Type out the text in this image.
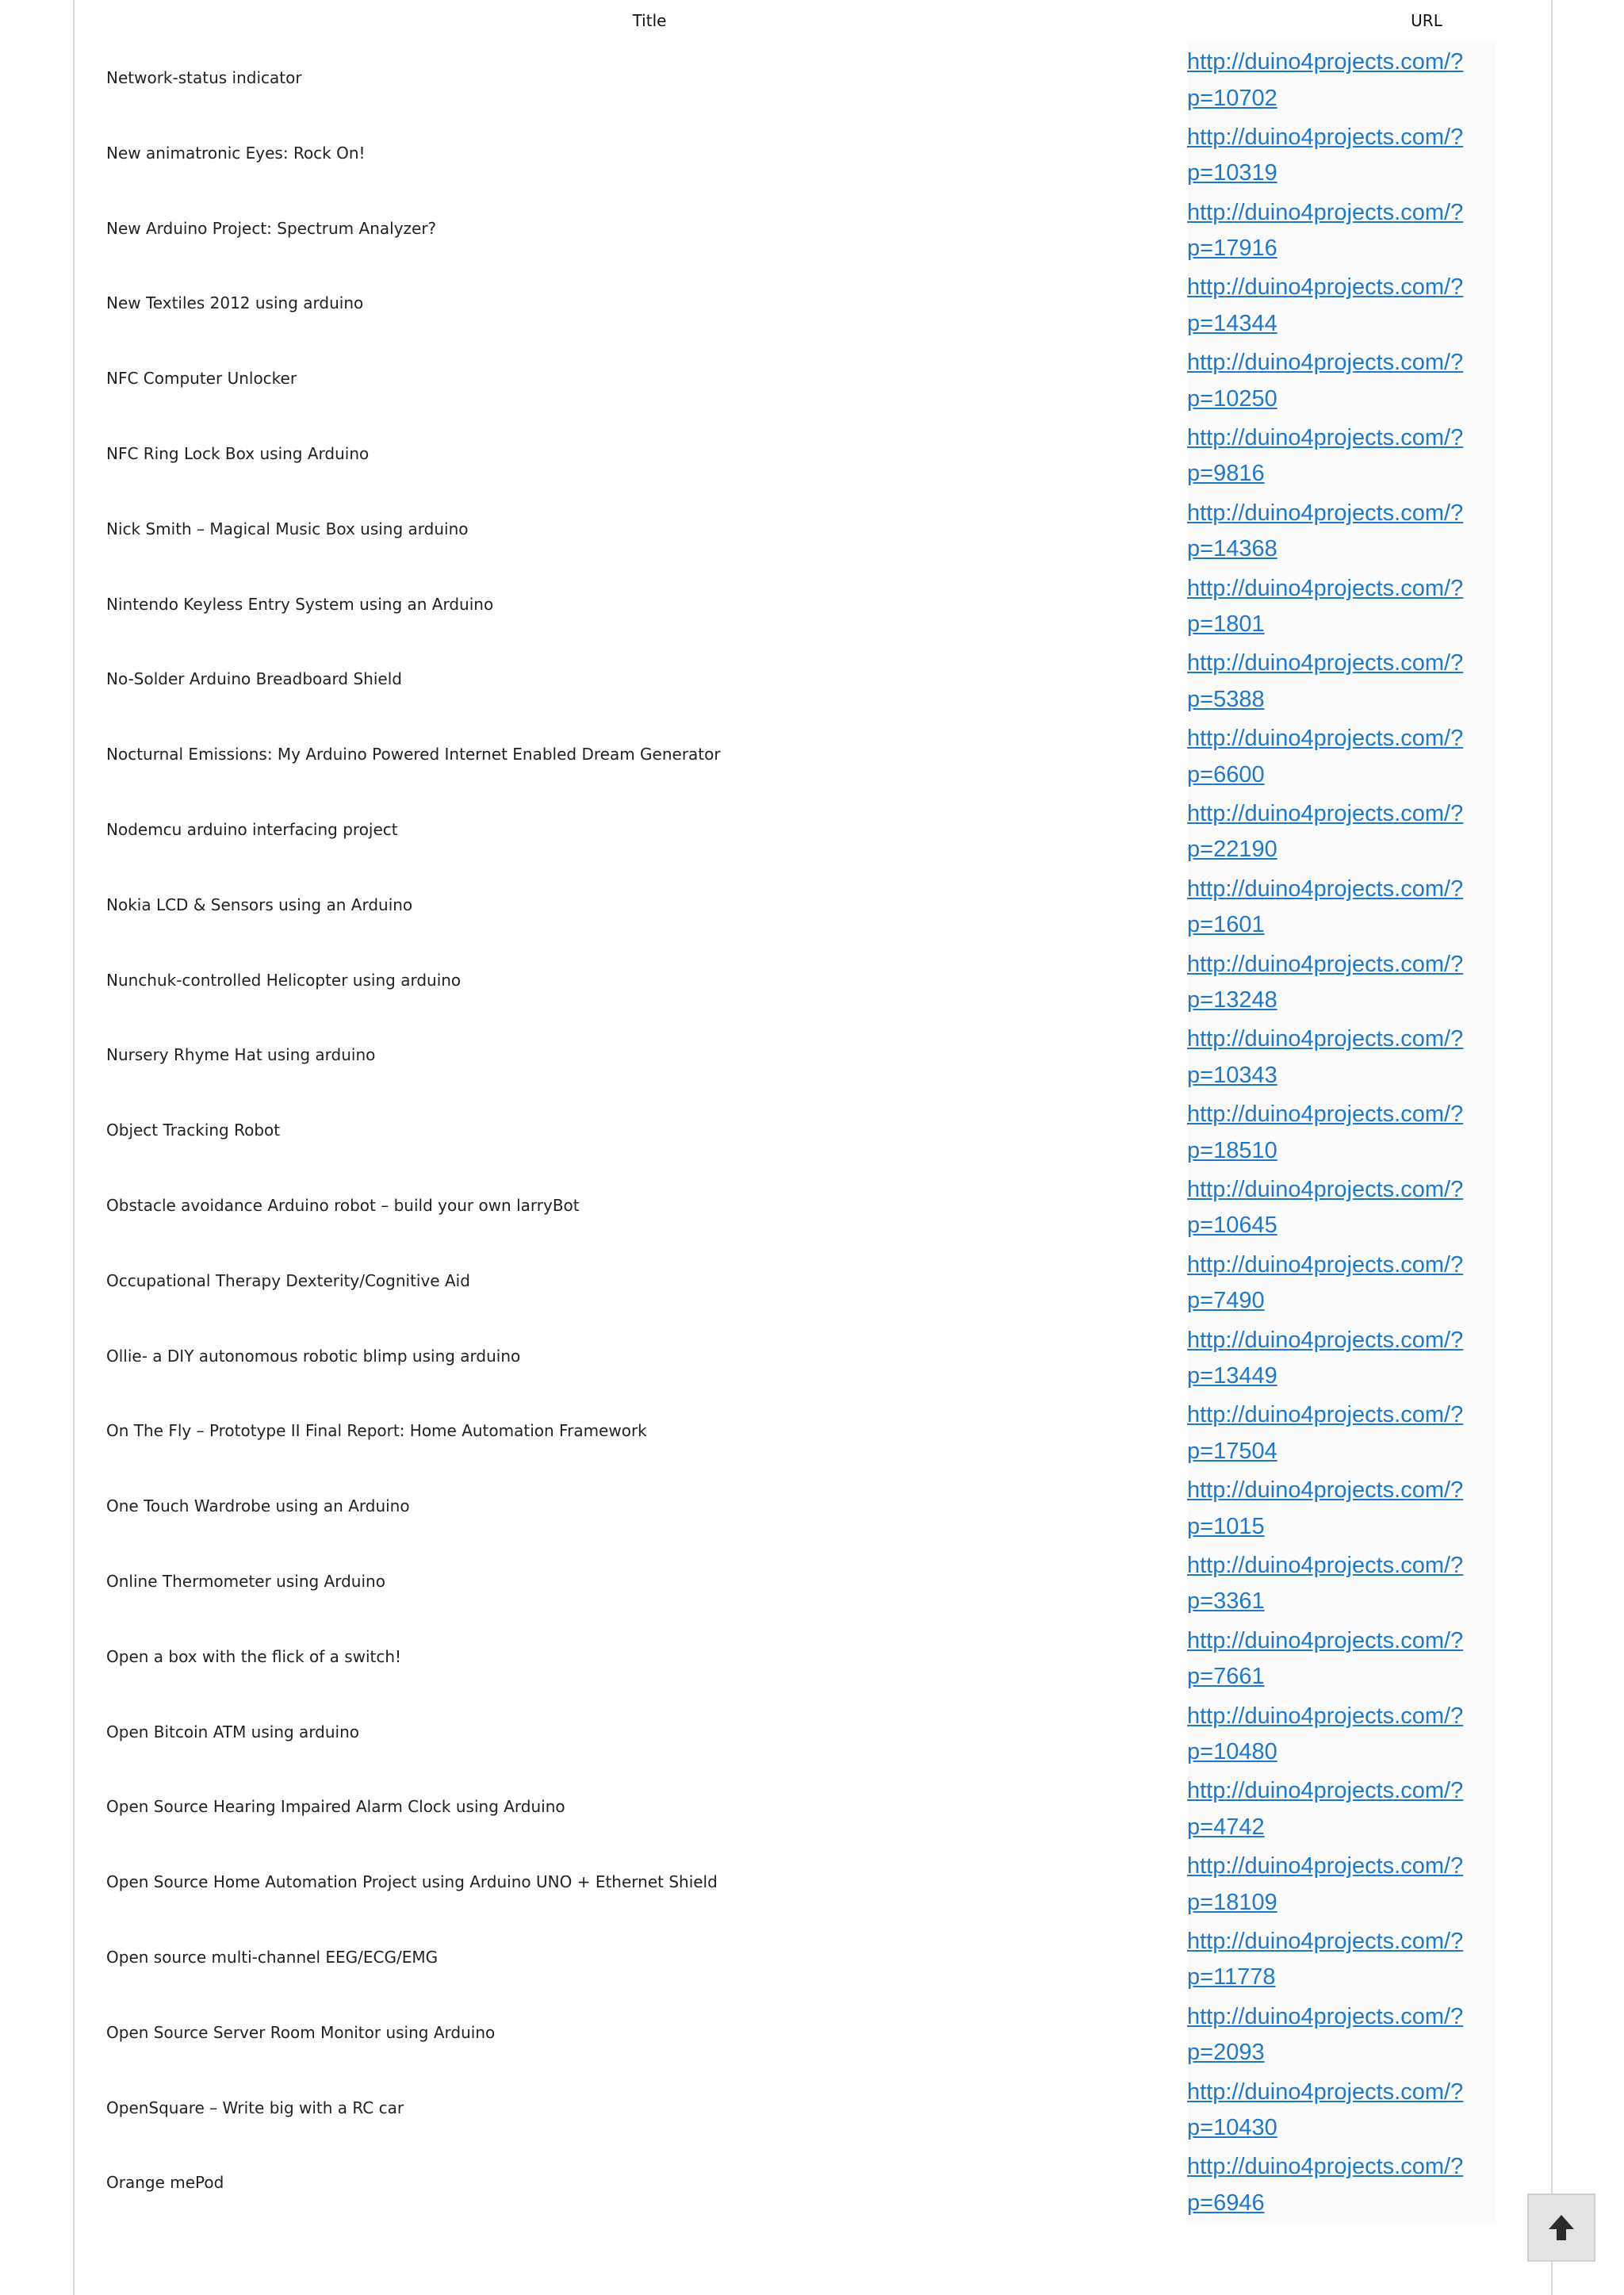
Title	URL
Network-status indicator
http://duino4projects.com/?
p=10702
New animatronic Eyes: Rock On!
http://duino4projects.com/?
p=10319
New Arduino Project: Spectrum Analyzer?
http://duino4projects.com/?
p=17916
New Textiles 2012 using arduino
http://duino4projects.com/?
p=14344
NFC Computer Unlocker
http://duino4projects.com/?
p=10250
NFC Ring Lock Box using Arduino
http://duino4projects.com/?
p=9816
Nick Smith – Magical Music Box using arduino
http://duino4projects.com/?
p=14368
Nintendo Keyless Entry System using an Arduino
http://duino4projects.com/?
p=1801
No-Solder Arduino Breadboard Shield
http://duino4projects.com/?
p=5388
Nocturnal Emissions: My Arduino Powered Internet Enabled Dream Generator
http://duino4projects.com/?
p=6600
Nodemcu arduino interfacing project
http://duino4projects.com/?
p=22190
Nokia LCD & Sensors using an Arduino
http://duino4projects.com/?
p=1601
Nunchuk-controlled Helicopter using arduino
http://duino4projects.com/?
p=13248
Nursery Rhyme Hat using arduino
http://duino4projects.com/?
p=10343
Object Tracking Robot
http://duino4projects.com/?
p=18510
Obstacle avoidance Arduino robot – build your own larryBot
http://duino4projects.com/?
p=10645
Occupational Therapy Dexterity/Cognitive Aid
http://duino4projects.com/?
p=7490
Ollie- a DIY autonomous robotic blimp using arduino
http://duino4projects.com/?
p=13449
On The Fly – Prototype II Final Report: Home Automation Framework
http://duino4projects.com/?
p=17504
One Touch Wardrobe using an Arduino
http://duino4projects.com/?
p=1015
Online Thermometer using Arduino
http://duino4projects.com/?
p=3361
Open a box with the flick of a switch!
http://duino4projects.com/?
p=7661
Open Bitcoin ATM using arduino
http://duino4projects.com/?
p=10480
Open Source Hearing Impaired Alarm Clock using Arduino
http://duino4projects.com/?
p=4742
Open Source Home Automation Project using Arduino UNO + Ethernet Shield
http://duino4projects.com/?
p=18109
Open source multi-channel EEG/ECG/EMG
http://duino4projects.com/?
p=11778
Open Source Server Room Monitor using Arduino
http://duino4projects.com/?
p=2093
OpenSquare – Write big with a RC car
http://duino4projects.com/?
p=10430
Orange mePod
http://duino4projects.com/?
p=6946
